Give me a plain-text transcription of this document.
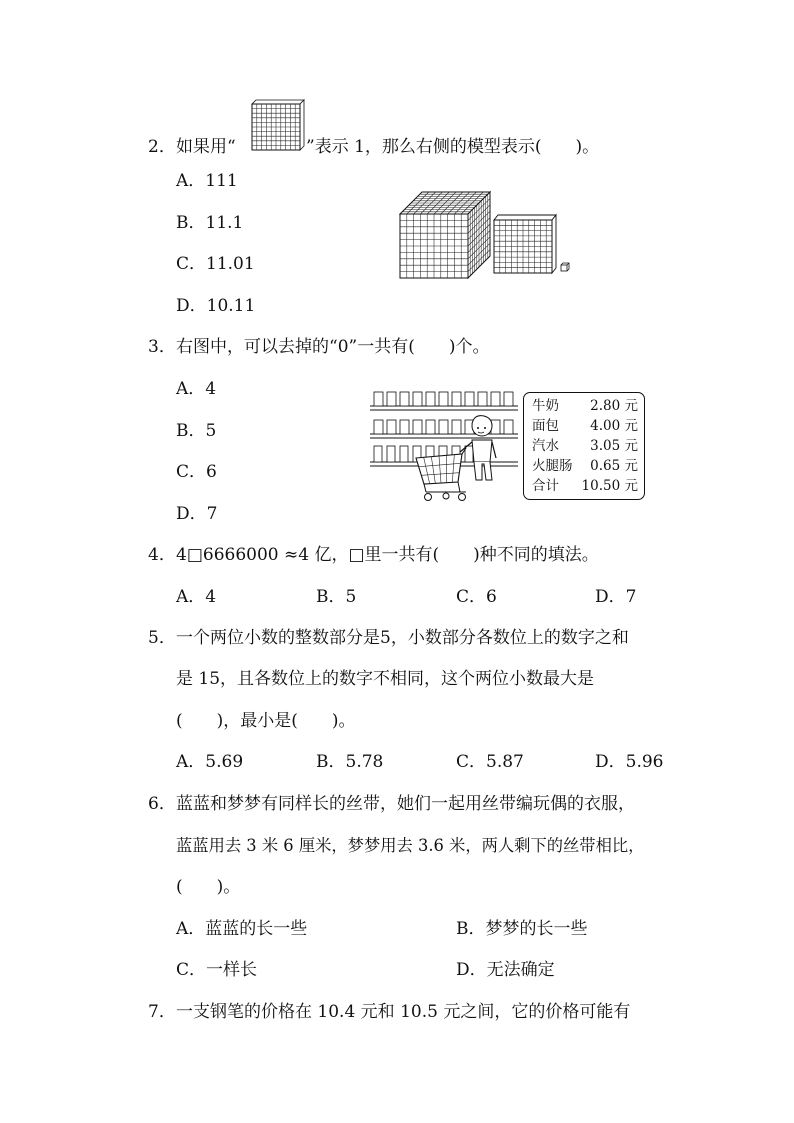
2． 如果用“	”表示 1，那么右侧的模型表示(　　)。
A．111
B．11.1
C．11.01
D．10.11
3． 右图中，可以去掉的“0”一共有(　　)个。
A．4
B．5
C．6
D．7
牛奶 2.80 元
面包 4.00 元
汽水 3.05 元
火腿肠 0.65 元
合计 10.50 元
4． 4□6666000 ≈4 亿，□里一共有(　　)种不同的填法。
A．4	B．5	C．6	D．7
5． 一个两位小数的整数部分是5，小数部分各数位上的数字之和
是 15，且各数位上的数字不相同，这个两位小数最大是
(　　)，最小是(　　)。
A．5.69	B．5.78	C．5.87	D．5.96
6． 蓝蓝和梦梦有同样长的丝带，她们一起用丝带编玩偶的衣服，
蓝蓝用去 3 米 6 厘米，梦梦用去 3.6 米，两人剩下的丝带相比，
(　　)。
A．蓝蓝的长一些	B．梦梦的长一些
C．一样长	D．无法确定
7． 一支钢笔的价格在 10.4 元和 10.5 元之间，它的价格可能有
